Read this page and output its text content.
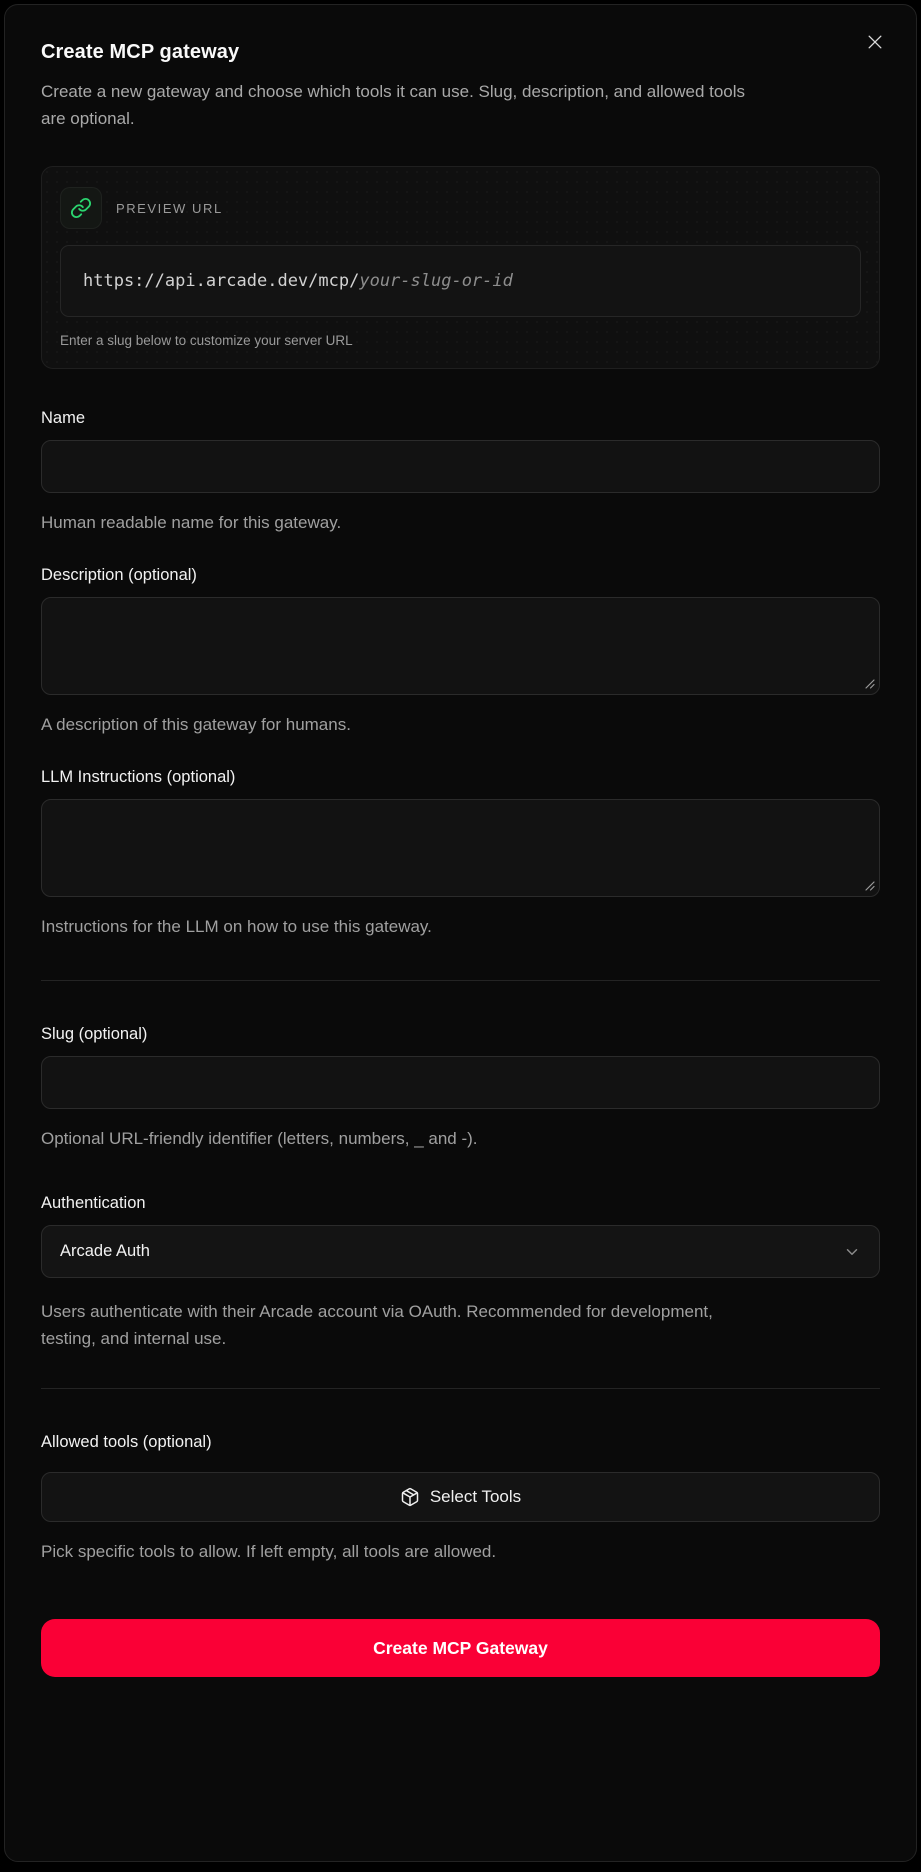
Create MCP gateway

Create a new gateway and choose which tools it can use. Slug, description, and allowed tools are optional.

PREVIEW URL
https://api.arcade.dev/mcp/ your-slug-or-id
Enter a slug below to customize your server URL
Name

Human readable name for this gateway.

Description (optional)

A description of this gateway for humans.

LLM Instructions (optional)

Instructions for the LLM on how to use this gateway.

Slug (optional)

Optional URL-friendly identifier (letters, numbers, _ and -).

Authentication
Arcade Auth

Users authenticate with their Arcade account via OAuth. Recommended for development, testing, and internal use.

Allowed tools (optional)
Select Tools

Pick specific tools to allow. If left empty, all tools are allowed.

Create MCP Gateway
